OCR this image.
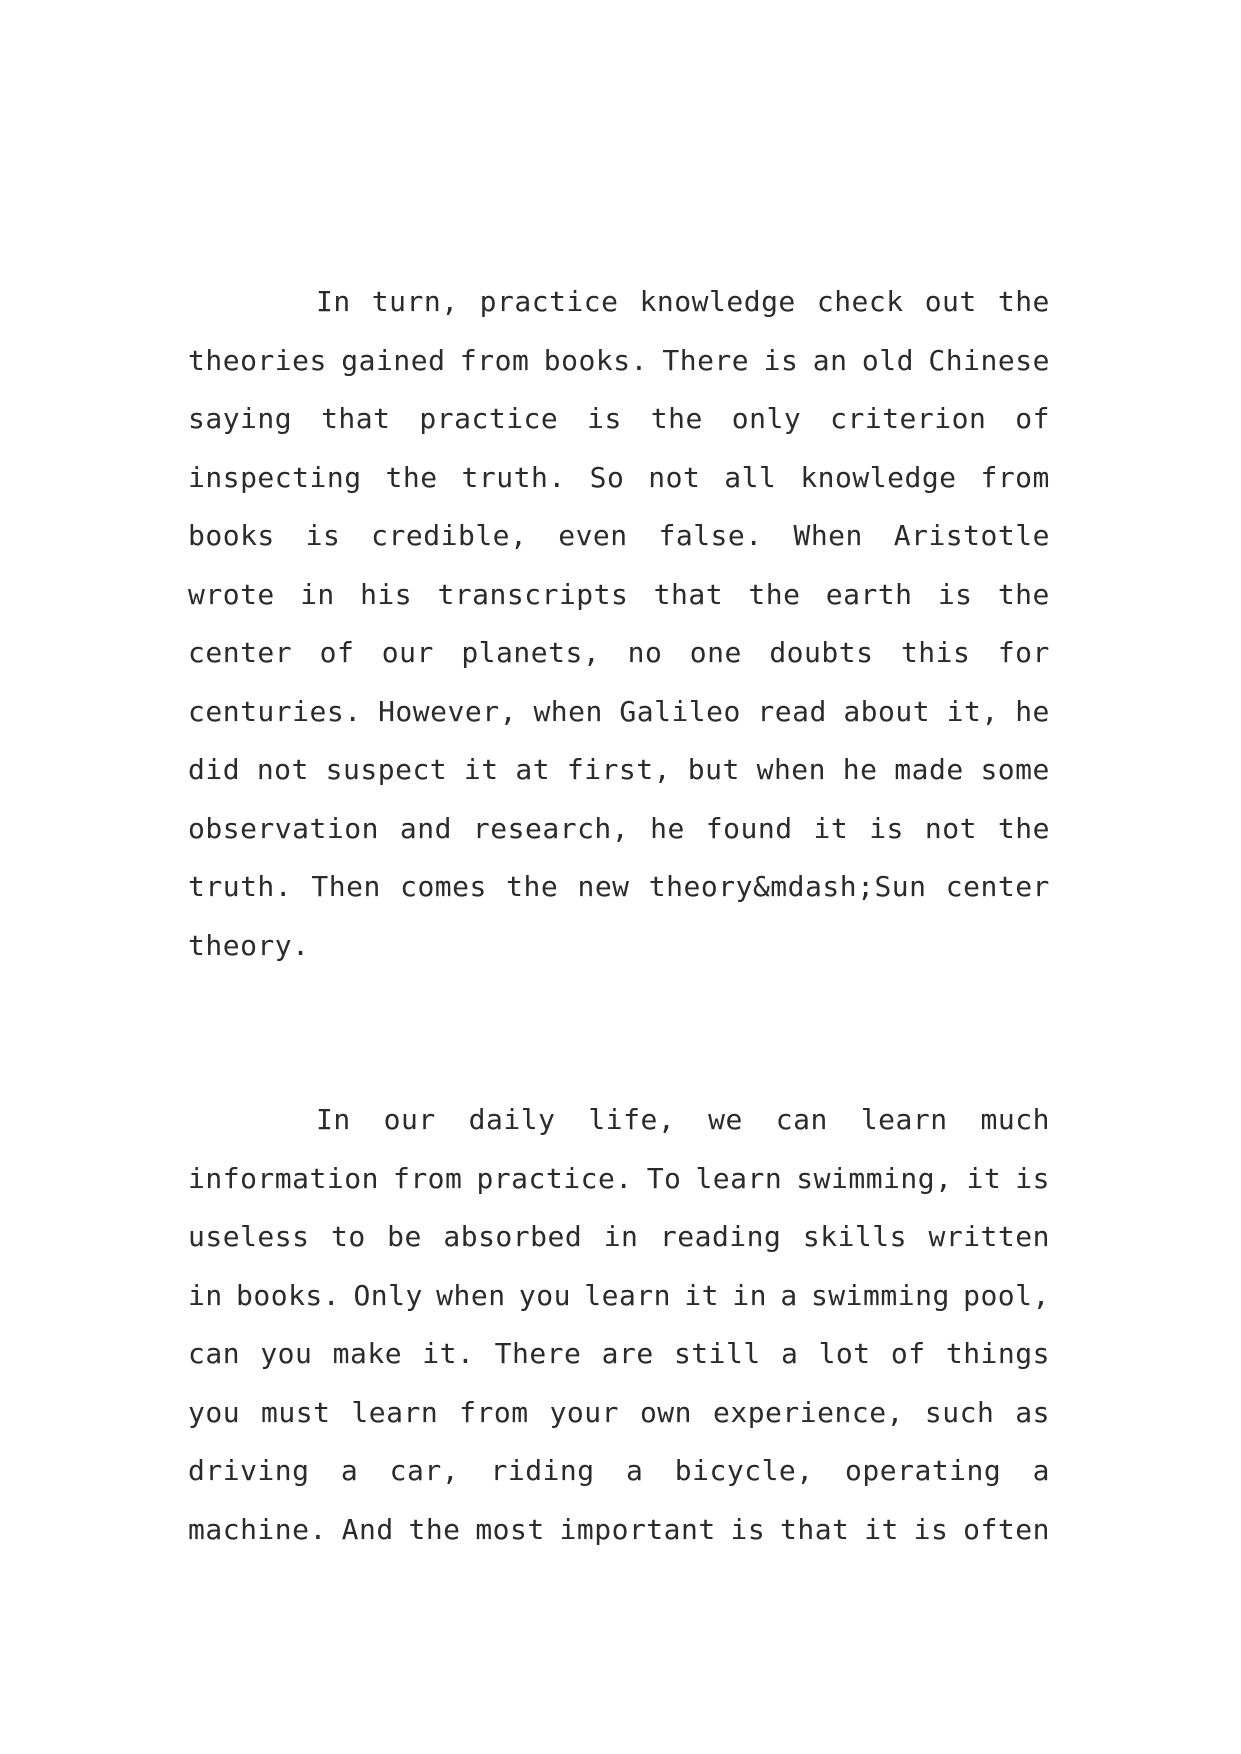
In turn, practice knowledge check out the
theories gained from books. There is an old Chinese
saying that practice is the only criterion of
inspecting the truth. So not all knowledge from
books is credible, even false. When Aristotle
wrote in his transcripts that the earth is the
center of our planets, no one doubts this for
centuries. However, when Galileo read about it, he
did not suspect it at first, but when he made some
observation and research, he found it is not the
truth. Then comes the new theory&mdash;Sun center
theory.
In our daily life, we can learn much
information from practice. To learn swimming, it is
useless to be absorbed in reading skills written
in books. Only when you learn it in a swimming pool,
can you make it. There are still a lot of things
you must learn from your own experience, such as
driving a car, riding a bicycle, operating a
machine. And the most important is that it is often
